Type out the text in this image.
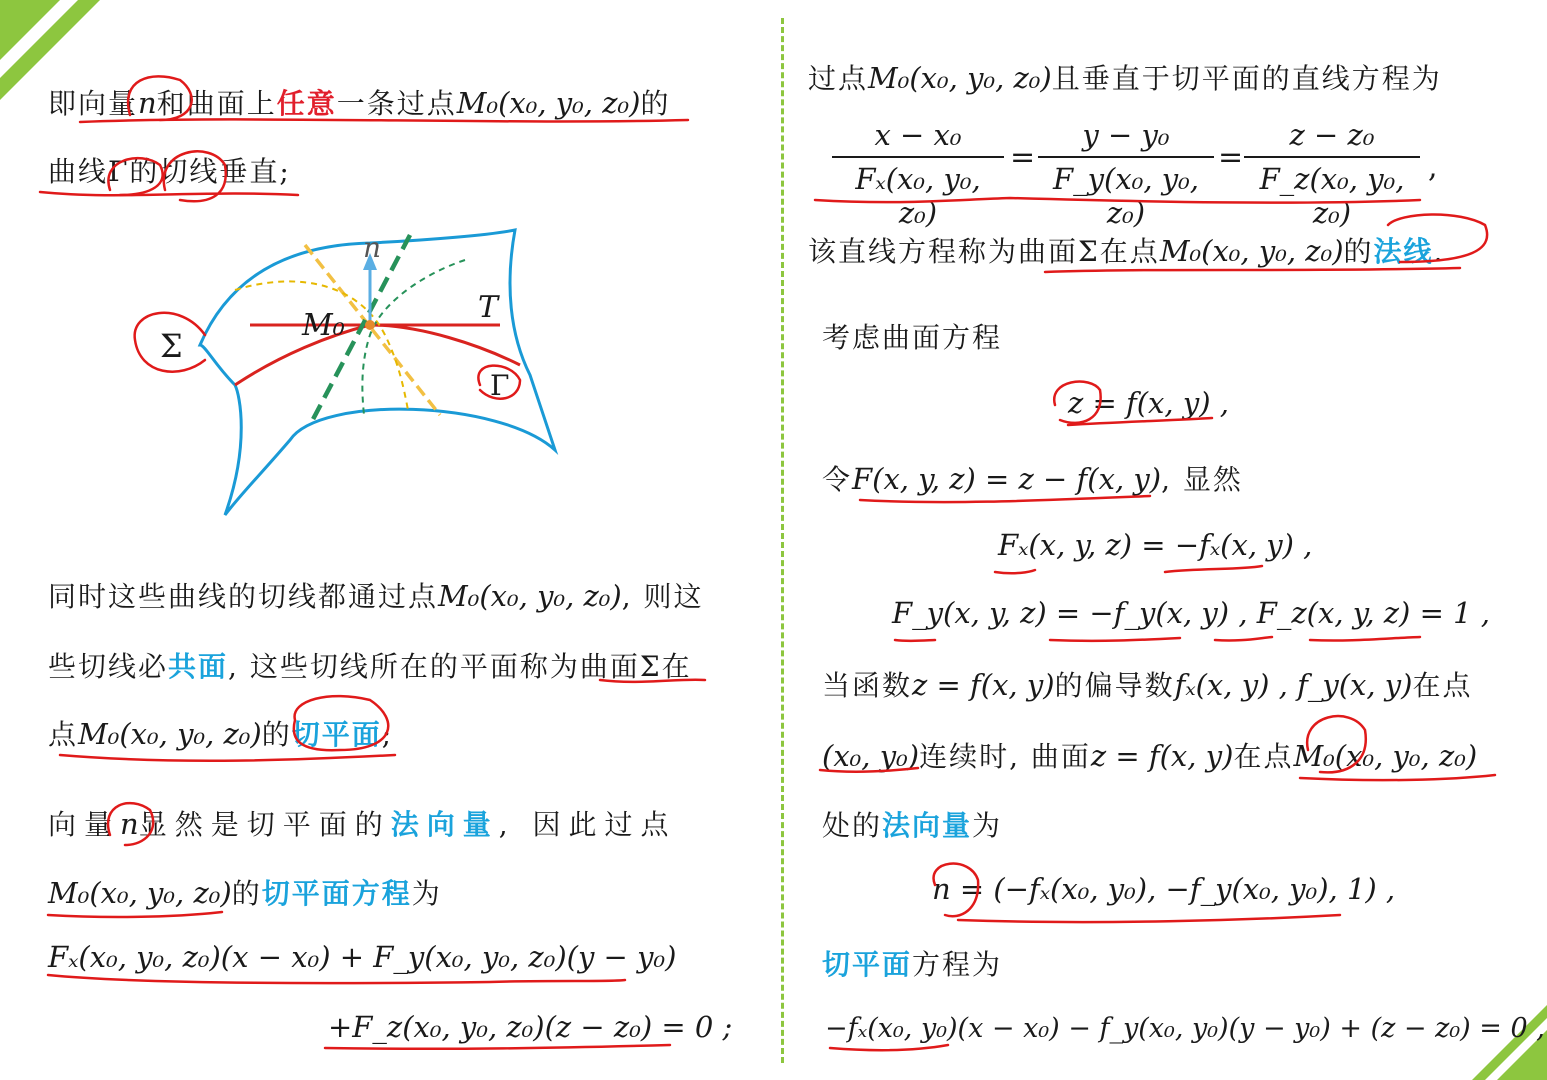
即向量n和曲面上任意一条过点M₀(x₀, y₀, z₀)的
曲线Γ的切线垂直;
n
T
M₀
Σ
Γ
同时这些曲线的切线都通过点M₀(x₀, y₀, z₀), 则这
些切线必共面, 这些切线所在的平面称为曲面Σ在
点M₀(x₀, y₀, z₀)的切平面;
向量n显然是切平面的法向量, 因此过点
M₀(x₀, y₀, z₀)的切平面方程为
Fₓ(x₀, y₀, z₀)(x − x₀) + F_y(x₀, y₀, z₀)(y − y₀)
+F_z(x₀, y₀, z₀)(z − z₀) = 0 ;
过点M₀(x₀, y₀, z₀)且垂直于切平面的直线方程为
$\frac{\text{x − x₀}}{\text{Fₓ(x₀, y₀, z₀)}} = \frac{\text{y − y₀}}{\text{F\_y(x₀, y₀, z₀)}} = \frac{\text{z − z₀}}{\text{F\_z(x₀, y₀, z₀)}}$ ,
该直线方程称为曲面Σ在点M₀(x₀, y₀, z₀)的法线.
考虑曲面方程
z = f(x, y) ,
令F(x, y, z) = z − f(x, y), 显然
Fₓ(x, y, z) = −fₓ(x, y) ,
F_y(x, y, z) = −f_y(x, y) , F_z(x, y, z) = 1 ,
当函数z = f(x, y)的偏导数fₓ(x, y) , f_y(x, y)在点
(x₀, y₀)连续时, 曲面z = f(x, y)在点M₀(x₀, y₀, z₀)
处的法向量为
n = (−fₓ(x₀, y₀), −f_y(x₀, y₀), 1) ,
切平面方程为
−fₓ(x₀, y₀)(x − x₀) − f_y(x₀, y₀)(y − y₀) + (z − z₀) = 0 ,
